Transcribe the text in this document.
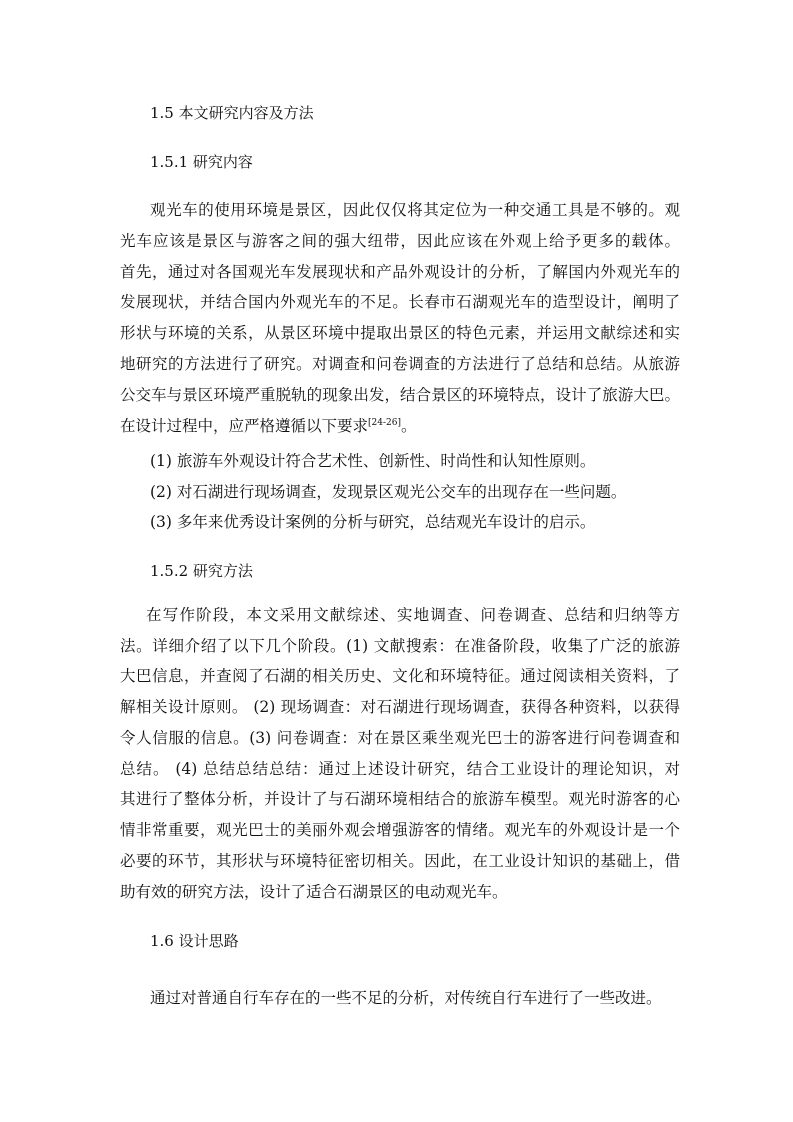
1.5 本文研究内容及方法
1.5.1 研究内容
观光车的使用环境是景区，因此仅仅将其定位为一种交通工具是不够的。观
光车应该是景区与游客之间的强大纽带，因此应该在外观上给予更多的载体。
首先，通过对各国观光车发展现状和产品外观设计的分析，了解国内外观光车的
发展现状，并结合国内外观光车的不足。长春市石湖观光车的造型设计，阐明了
形状与环境的关系，从景区环境中提取出景区的特色元素，并运用文献综述和实
地研究的方法进行了研究。对调查和问卷调查的方法进行了总结和总结。从旅游
公交车与景区环境严重脱轨的现象出发，结合景区的环境特点，设计了旅游大巴。
在设计过程中，应严格遵循以下要求[24-26]。
(1) 旅游车外观设计符合艺术性、创新性、时尚性和认知性原则。
(2) 对石湖进行现场调查，发现景区观光公交车的出现存在一些问题。
(3) 多年来优秀设计案例的分析与研究，总结观光车设计的启示。
1.5.2 研究方法
在写作阶段，本文采用文献综述、实地调查、问卷调查、总结和归纳等方
法。详细介绍了以下几个阶段。(1) 文献搜索：在准备阶段，收集了广泛的旅游
大巴信息，并查阅了石湖的相关历史、文化和环境特征。通过阅读相关资料，了
解相关设计原则。 (2) 现场调查：对石湖进行现场调查，获得各种资料，以获得
令人信服的信息。(3) 问卷调查：对在景区乘坐观光巴士的游客进行问卷调查和
总结。 (4) 总结总结总结：通过上述设计研究，结合工业设计的理论知识，对
其进行了整体分析，并设计了与石湖环境相结合的旅游车模型。观光时游客的心
情非常重要，观光巴士的美丽外观会增强游客的情绪。观光车的外观设计是一个
必要的环节，其形状与环境特征密切相关。因此，在工业设计知识的基础上，借
助有效的研究方法，设计了适合石湖景区的电动观光车。
1.6 设计思路
通过对普通自行车存在的一些不足的分析，对传统自行车进行了一些改进。
